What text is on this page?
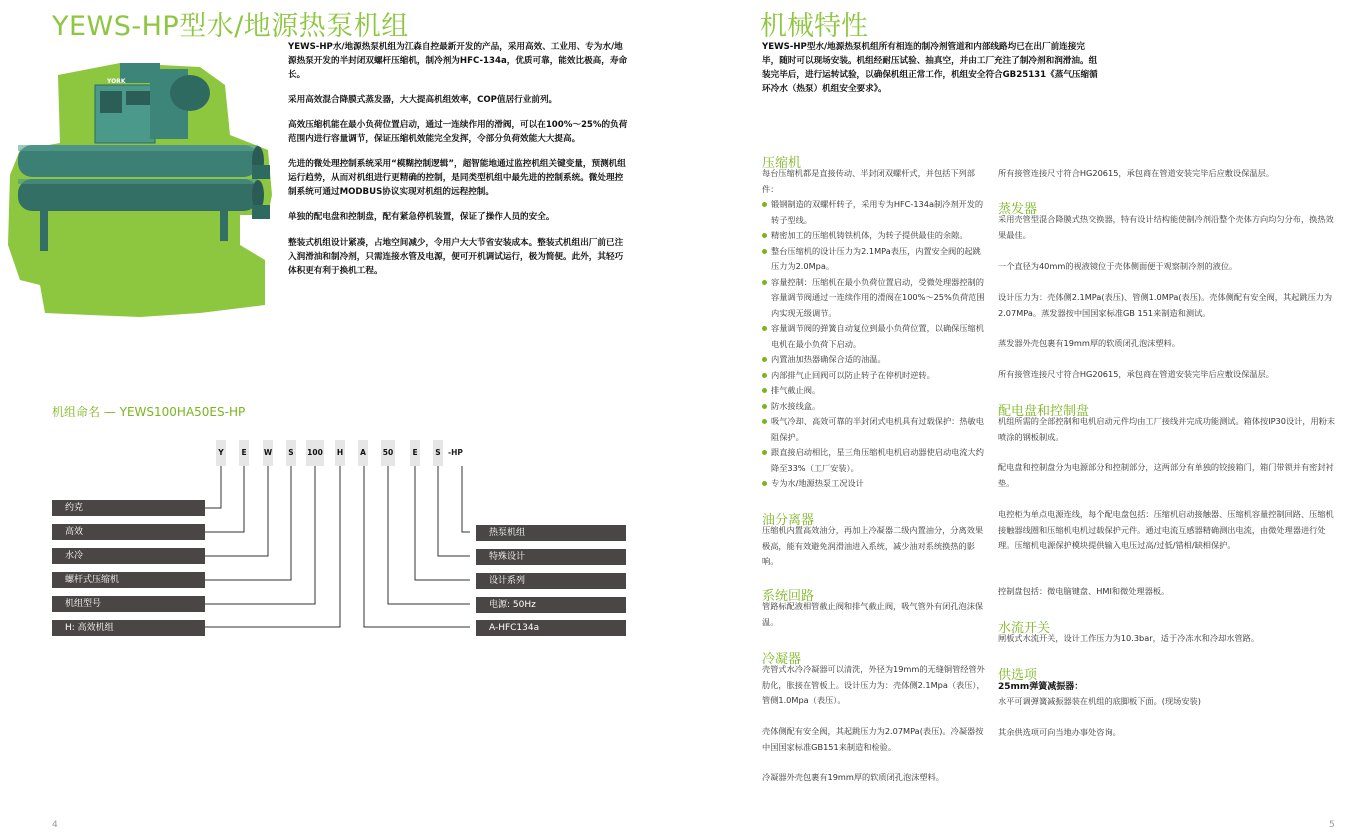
YEWS-HP型水/地源热泵机组
YORK

YEWS-HP水/地源热泵机组为江森自控最新开发的产品，采用高效、工业用、专为水/地源热泵开发的半封闭双螺杆压缩机，制冷剂为HFC-134a，优质可靠，能效比极高，寿命长。

采用高效混合降膜式蒸发器，大大提高机组效率，COP值居行业前列。

高效压缩机能在最小负荷位置启动，通过一连续作用的滑阀，可以在100%～25%的负荷范围内进行容量调节，保证压缩机效能完全发挥，令部分负荷效能大大提高。

先进的微处理控制系统采用“模糊控制逻辑”，超智能地通过监控机组关键变量，预测机组运行趋势，从而对机组进行更精确的控制，是同类型机组中最先进的控制系统。微处理控制系统可通过MODBUS协议实现对机组的远程控制。

单独的配电盘和控制盘，配有紧急停机装置，保证了操作人员的安全。

整装式机组设计紧凑，占地空间减少，令用户大大节省安装成本。整装式机组出厂前已注入润滑油和制冷剂，只需连接水管及电源，便可开机调试运行，极为简便。此外，其轻巧体积更有利于换机工程。

机组命名 — YEWS100HA50ES-HP
Y	E	W	S	100 H A 50	E	S -HP
约克
高效
水冷
螺杆式压缩机
机组型号
H: 高效机组
热泵机组
特殊设计
设计系列
电源: 50Hz
A-HFC134a
4
机械特性

YEWS-HP型水/地源热泵机组所有相连的制冷剂管道和内部线路均已在出厂前连接完毕，随时可以现场安装。机组经耐压试验、抽真空，并由工厂充注了制冷剂和润滑油。组装完毕后，进行运转试验，以确保机组正常工作，机组安全符合GB25131《蒸气压缩循环冷水（热泵）机组安全要求》。

压缩机

每台压缩机都是直接传动、半封闭双螺杆式，并包括下列部件：

锻钢制造的双螺杆转子，采用专为HFC-134a制冷剂开发的转子型线。
精密加工的压缩机铸铁机体，为转子提供最佳的余隙。
整台压缩机的设计压力为2.1MPa表压，内置安全阀的起跳压力为2.0Mpa。
容量控制：压缩机在最小负荷位置启动，受微处理器控制的容量调节阀通过一连续作用的滑阀在100%～25%负荷范围内实现无级调节。
容量调节阀的弹簧自动复位到最小负荷位置，以确保压缩机电机在最小负荷下启动。
内置油加热器确保合适的油温。
内部排气止回阀可以防止转子在停机时逆转。
排气截止阀。
防水接线盒。
吸气冷却、高效可靠的半封闭式电机具有过载保护：热敏电阻保护。
跟直接启动相比，星三角压缩机电机启动器使启动电流大约降至33%（工厂安装）。
专为水/地源热泵工况设计
油分离器

压缩机内置高效油分，再加上冷凝器二级内置油分，分离效果极高，能有效避免润滑油进入系统，减少油对系统换热的影响。

系统回路

管路标配液相管截止阀和排气截止阀，吸气管外有闭孔泡沫保温。

冷凝器

壳管式水冷冷凝器可以清洗，外径为19mm的无缝铜管经管外肋化，胀接在管板上。设计压力为：壳体侧2.1Mpa（表压），管侧1.0Mpa（表压）。

壳体侧配有安全阀，其起跳压力为2.07MPa(表压)。冷凝器按中国国家标准GB151来制造和检验。

冷凝器外壳包裹有19mm厚的软质闭孔泡沫塑料。

所有接管连接尺寸符合HG20615，承包商在管道安装完毕后应敷设保温层。

蒸发器

采用壳管型混合降膜式热交换器，特有设计结构能使制冷剂沿整个壳体方向均匀分布，换热效果最佳。

一个直径为40mm的视液镜位于壳体侧面便于观察制冷剂的液位。

设计压力为：壳体侧2.1MPa(表压)、管侧1.0MPa(表压)。壳体侧配有安全阀，其起跳压力为2.07MPa。蒸发器按中国国家标准GB 151来制造和测试。

蒸发器外壳包裹有19mm厚的软质闭孔泡沫塑料。

所有接管连接尺寸符合HG20615，承包商在管道安装完毕后应敷设保温层。

配电盘和控制盘

机组所需的全部控制和电机启动元件均由工厂接线并完成功能测试。箱体按IP30设计，用粉末喷涂的钢板制成。

配电盘和控制盘分为电源部分和控制部分，这两部分有单独的铰接箱门，箱门带锁并有密封衬垫。

电控柜为单点电源连线，每个配电盘包括：压缩机启动接触器、压缩机容量控制回路、压缩机接触器线圈和压缩机电机过载保护元件。通过电流互感器精确测出电流，由微处理器进行处理。压缩机电源保护模块提供输入电压过高/过低/错相/缺相保护。

控制盘包括：微电脑键盘、HMI和微处理器板。

水流开关

闸板式水流开关，设计工作压力为10.3bar，适于冷冻水和冷却水管路。

供选项
25mm弹簧减振器：

水平可调弹簧减振器装在机组的底脚板下面。(现场安装)

其余供选项可向当地办事处咨询。

5
